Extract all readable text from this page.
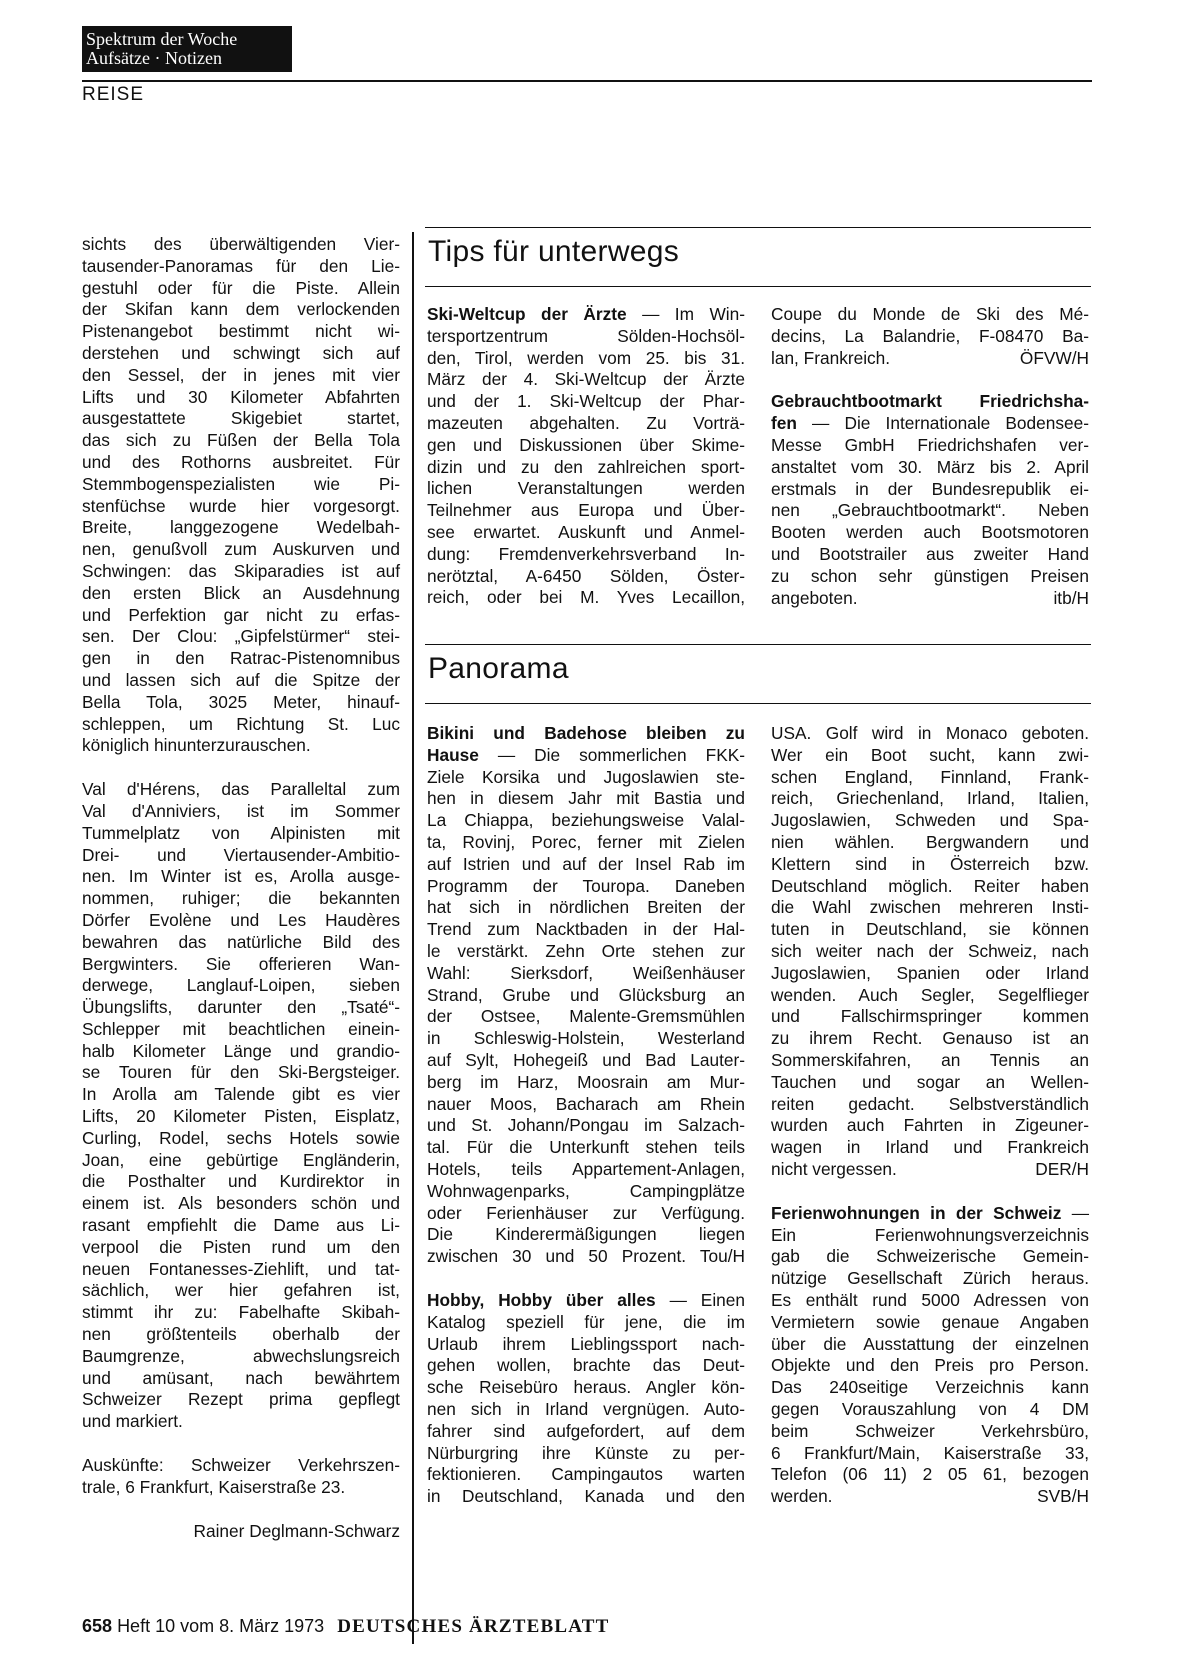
Spektrum der Woche
Aufsätze · Notizen
REISE
sichts des überwältigenden Vier-
tausender-Panoramas für den Lie-
gestuhl oder für die Piste. Allein
der Skifan kann dem verlockenden
Pistenangebot bestimmt nicht wi-
derstehen und schwingt sich auf
den Sessel, der in jenes mit vier
Lifts und 30 Kilometer Abfahrten
ausgestattete Skigebiet startet,
das sich zu Füßen der Bella Tola
und des Rothorns ausbreitet. Für
Stemmbogenspezialisten wie Pi-
stenfüchse wurde hier vorgesorgt.
Breite, langgezogene Wedelbah-
nen, genußvoll zum Auskurven und
Schwingen: das Skiparadies ist auf
den ersten Blick an Ausdehnung
und Perfektion gar nicht zu erfas-
sen. Der Clou: „Gipfelstürmer“ stei-
gen in den Ratrac-Pistenomnibus
und lassen sich auf die Spitze der
Bella Tola, 3025 Meter, hinauf-
schleppen, um Richtung St. Luc
königlich hinunterzurauschen.
Val d'Hérens, das Paralleltal zum
Val d'Anniviers, ist im Sommer
Tummelplatz von Alpinisten mit
Drei- und Viertausender-Ambitio-
nen. Im Winter ist es, Arolla ausge-
nommen, ruhiger; die bekannten
Dörfer Evolène und Les Haudères
bewahren das natürliche Bild des
Bergwinters. Sie offerieren Wan-
derwege, Langlauf-Loipen, sieben
Übungslifts, darunter den „Tsaté“-
Schlepper mit beachtlichen einein-
halb Kilometer Länge und grandio-
se Touren für den Ski-Bergsteiger.
In Arolla am Talende gibt es vier
Lifts, 20 Kilometer Pisten, Eisplatz,
Curling, Rodel, sechs Hotels sowie
Joan, eine gebürtige Engländerin,
die Posthalter und Kurdirektor in
einem ist. Als besonders schön und
rasant empfiehlt die Dame aus Li-
verpool die Pisten rund um den
neuen Fontanesses-Ziehlift, und tat-
sächlich, wer hier gefahren ist,
stimmt ihr zu: Fabelhafte Skibah-
nen größtenteils oberhalb der
Baumgrenze, abwechslungsreich
und amüsant, nach bewährtem
Schweizer Rezept prima gepflegt
und markiert.
Auskünfte: Schweizer Verkehrszen-
trale, 6 Frankfurt, Kaiserstraße 23.
Rainer Deglmann-Schwarz
Tips für unterwegs
Ski-Weltcup der Ärzte — Im Win-
tersportzentrum Sölden-Hochsöl-
den, Tirol, werden vom 25. bis 31.
März der 4. Ski-Weltcup der Ärzte
und der 1. Ski-Weltcup der Phar-
mazeuten abgehalten. Zu Vorträ-
gen und Diskussionen über Skime-
dizin und zu den zahlreichen sport-
lichen Veranstaltungen werden
Teilnehmer aus Europa und Über-
see erwartet. Auskunft und Anmel-
dung: Fremdenverkehrsverband In-
nerötztal, A-6450 Sölden, Öster-
reich, oder bei M. Yves Lecaillon,
Coupe du Monde de Ski des Mé-
decins, La Balandrie, F-08470 Ba-
lan, Frankreich.	ÖFVW/H
Gebrauchtbootmarkt Friedrichsha-
fen — Die Internationale Bodensee-
Messe GmbH Friedrichshafen ver-
anstaltet vom 30. März bis 2. April
erstmals in der Bundesrepublik ei-
nen „Gebrauchtbootmarkt“. Neben
Booten werden auch Bootsmotoren
und Bootstrailer aus zweiter Hand
zu schon sehr günstigen Preisen
angeboten.	itb/H
Panorama
Bikini und Badehose bleiben zu
Hause — Die sommerlichen FKK-
Ziele Korsika und Jugoslawien ste-
hen in diesem Jahr mit Bastia und
La Chiappa, beziehungsweise Valal-
ta, Rovinj, Porec, ferner mit Zielen
auf Istrien und auf der Insel Rab im
Programm der Touropa. Daneben
hat sich in nördlichen Breiten der
Trend zum Nacktbaden in der Hal-
le verstärkt. Zehn Orte stehen zur
Wahl: Sierksdorf, Weißenhäuser
Strand, Grube und Glücksburg an
der Ostsee, Malente-Gremsmühlen
in Schleswig-Holstein, Westerland
auf Sylt, Hohegeiß und Bad Lauter-
berg im Harz, Moosrain am Mur-
nauer Moos, Bacharach am Rhein
und St. Johann/Pongau im Salzach-
tal. Für die Unterkunft stehen teils
Hotels, teils Appartement-Anlagen,
Wohnwagenparks, Campingplätze
oder Ferienhäuser zur Verfügung.
Die Kinderermäßigungen liegen
zwischen 30 und 50 Prozent. Tou/H
Hobby, Hobby über alles — Einen
Katalog speziell für jene, die im
Urlaub ihrem Lieblingssport nach-
gehen wollen, brachte das Deut-
sche Reisebüro heraus. Angler kön-
nen sich in Irland vergnügen. Auto-
fahrer sind aufgefordert, auf dem
Nürburgring ihre Künste zu per-
fektionieren. Campingautos warten
in Deutschland, Kanada und den
USA. Golf wird in Monaco geboten.
Wer ein Boot sucht, kann zwi-
schen England, Finnland, Frank-
reich, Griechenland, Irland, Italien,
Jugoslawien, Schweden und Spa-
nien wählen. Bergwandern und
Klettern sind in Österreich bzw.
Deutschland möglich. Reiter haben
die Wahl zwischen mehreren Insti-
tuten in Deutschland, sie können
sich weiter nach der Schweiz, nach
Jugoslawien, Spanien oder Irland
wenden. Auch Segler, Segelflieger
und Fallschirmspringer kommen
zu ihrem Recht. Genauso ist an
Sommerskifahren, an Tennis an
Tauchen und sogar an Wellen-
reiten gedacht. Selbstverständlich
wurden auch Fahrten in Zigeuner-
wagen in Irland und Frankreich
nicht vergessen.	DER/H
Ferienwohnungen in der Schweiz —
Ein Ferienwohnungsverzeichnis
gab die Schweizerische Gemein-
nützige Gesellschaft Zürich heraus.
Es enthält rund 5000 Adressen von
Vermietern sowie genaue Angaben
über die Ausstattung der einzelnen
Objekte und den Preis pro Person.
Das 240seitige Verzeichnis kann
gegen Vorauszahlung von 4 DM
beim Schweizer Verkehrsbüro,
6 Frankfurt/Main, Kaiserstraße 33,
Telefon (06 11) 2 05 61, bezogen
werden.	SVB/H
658 Heft 10 vom 8. März 1973 DEUTSCHES ÄRZTEBLATT
